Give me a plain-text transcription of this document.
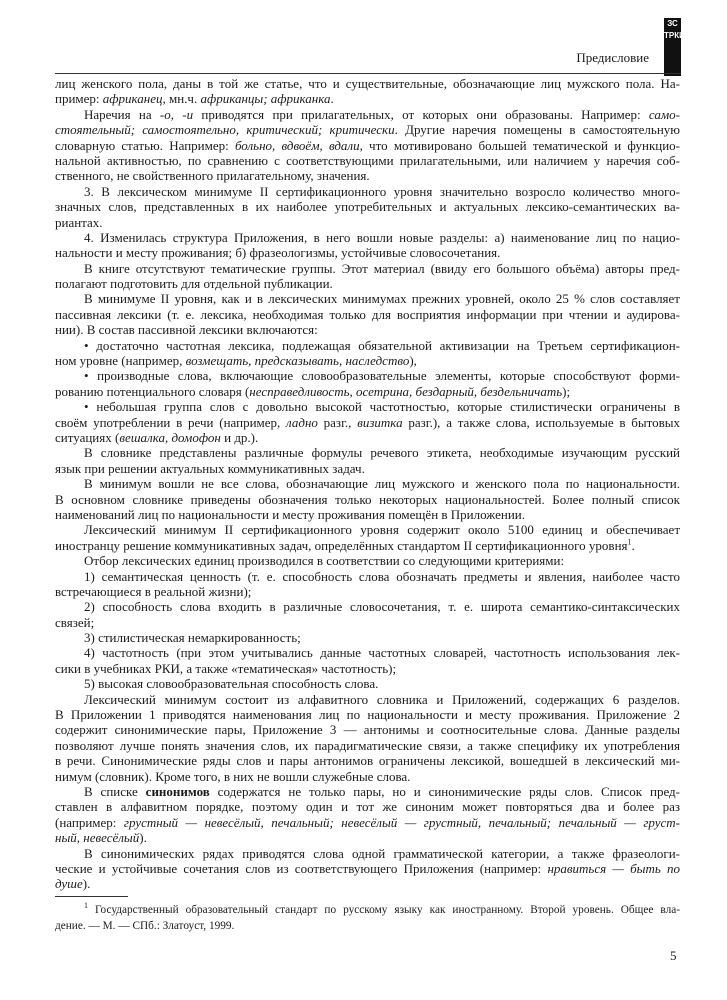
Предисловие
ЗС
ТРКИ
лиц женского пола, даны в той же статье, что и существительные, обозначающие лиц мужского пола. На-
пример: африканец, мн.ч. африканцы; африканка.
Наречия на -о, -и приводятся при прилагательных, от которых они образованы. Например: само-
стоятельный; самостоятельно, критический; критически. Другие наречия помещены в самостоятельную
словарную статью. Например: больно, вдвоём, вдали, что мотивировано большей тематической и функцио-
нальной активностью, по сравнению с соответствующими прилагательными, или наличием у наречия соб-
ственного, не свойственного прилагательному, значения.
3. В лексическом минимуме II сертификационного уровня значительно возросло количество много-
значных слов, представленных в их наиболее употребительных и актуальных лексико-семантических ва-
риантах.
4. Изменилась структура Приложения, в него вошли новые разделы: а) наименование лиц по нацио-
нальности и месту проживания; б) фразеологизмы, устойчивые словосочетания.
В книге отсутствуют тематические группы. Этот материал (ввиду его большого объёма) авторы пред-
полагают подготовить для отдельной публикации.
В минимуме II уровня, как и в лексических минимумах прежних уровней, около 25 % слов составляет
пассивная лексики (т. е. лексика, необходимая только для восприятия информации при чтении и аудирова-
нии). В состав пассивной лексики включаются:
• достаточно частотная лексика, подлежащая обязательной активизации на Третьем сертификацион-
ном уровне (например, возмещать, предсказывать, наследство),
• производные слова, включающие словообразовательные элементы, которые способствуют форми-
рованию потенциального словаря (несправедливость, осетрина, бездарный, бездельничать);
• небольшая группа слов с довольно высокой частотностью, которые стилистически ограничены в
своём употреблении в речи (например, ладно разг., визитка разг.), а также слова, используемые в бытовых
ситуациях (вешалка, домофон и др.).
В словнике представлены различные формулы речевого этикета, необходимые изучающим русский
язык при решении актуальных коммуникативных задач.
В минимум вошли не все слова, обозначающие лиц мужского и женского пола по национальности.
В основном словнике приведены обозначения только некоторых национальностей. Более полный список
наименований лиц по национальности и месту проживания помещён в Приложении.
Лексический минимум II сертификационного уровня содержит около 5100 единиц и обеспечивает
иностранцу решение коммуникативных задач, определённых стандартом II сертификационного уровня$^1$.
Отбор лексических единиц производился в соответствии со следующими критериями:
1) семантическая ценность (т. е. способность слова обозначать предметы и явления, наиболее часто
встречающиеся в реальной жизни);
2) способность слова входить в различные словосочетания, т. е. широта семантико-синтаксических
связей;
3) стилистическая немаркированность;
4) частотность (при этом учитывались данные частотных словарей, частотность использования лек-
сики в учебниках РКИ, а также «тематическая» частотность);
5) высокая словообразовательная способность слова.
Лексический минимум состоит из алфавитного словника и Приложений, содержащих 6 разделов.
В Приложении 1 приводятся наименования лиц по национальности и месту проживания. Приложение 2
содержит синонимические пары, Приложение 3 — антонимы и соотносительные слова. Данные разделы
позволяют лучше понять значения слов, их парадигматические связи, а также специфику их употребления
в речи. Синонимические ряды слов и пары антонимов ограничены лексикой, вошедшей в лексический ми-
нимум (словник). Кроме того, в них не вошли служебные слова.
В списке синонимов содержатся не только пары, но и синонимические ряды слов. Список пред-
ставлен в алфавитном порядке, поэтому один и тот же синоним может повторяться два и более раз
(например: грустный — невесёлый, печальный; невесёлый — грустный, печальный; печальный — груст-
ный, невесёлый).
В синонимических рядах приводятся слова одной грамматической категории, а также фразеологи-
ческие и устойчивые сочетания слов из соответствующего Приложения (например: нравиться — быть по
душе).
$^1$ Государственный образовательный стандарт по русскому языку как иностранному. Второй уровень. Общее вла-
дение. — М. — СПб.: Златоуст, 1999.
5
